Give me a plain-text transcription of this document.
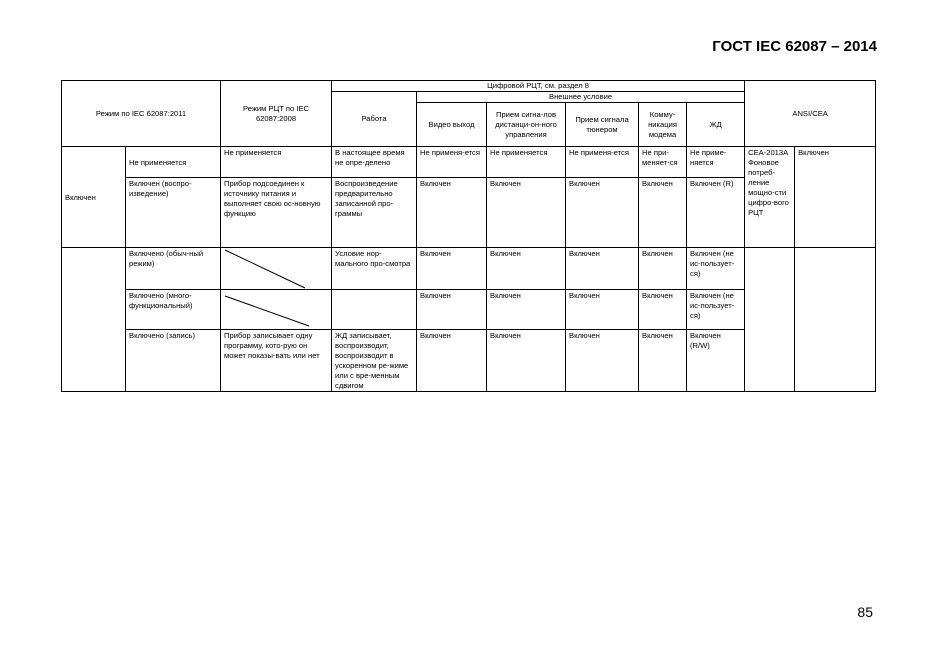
ГОСТ IEC 62087 – 2014
Режим по IEC 62087:2011		Режим РЦТ по IEC 62087:2008	Цифровой РЦТ, см. раздел 8						ANSI/CEA	
			Работа	Внешнее условие						
				Видео выход	Прием сигна-лов дистанци-он-ного управления	Прием сигнала тюнером	Комму-никация модема	ЖД		

Включен	Не применяется	Не применяется	В настоящее время не опре-делено	Не применя-ется	Не применяется	Не применя-ется	Не при-меняет-ся	Не приме-няется	CEA-2013A Фоновое потреб-ление мощно-сти цифро-вого РЦТ	Включен
	Включен (воспро-изведение)	Прибор подсоединен к источнику питания и выполняет свою ос-новную функцию	Воспроизведение предварительно записанной про-граммы	Включен	Включен	Включен	Включен	Включен (R)		
	Включено (обыч-ный режим)		Условие нор-мального про-смотра	Включен	Включен	Включен	Включен	Включен (не ис-пользует-ся)		
	Включено (много-функциональный)			Включен	Включен	Включен	Включен	Включен (не ис-пользует-ся)		
	Включено (запись)	Прибор записывает одну программу, кото-рую он может показы-вать или нет	ЖД записывает, воспроизводит, воспроизводит в ускоренном ре-жиме или с вре-менным сдвигом	Включен	Включен	Включен	Включен	Включен (R/W)		
85
